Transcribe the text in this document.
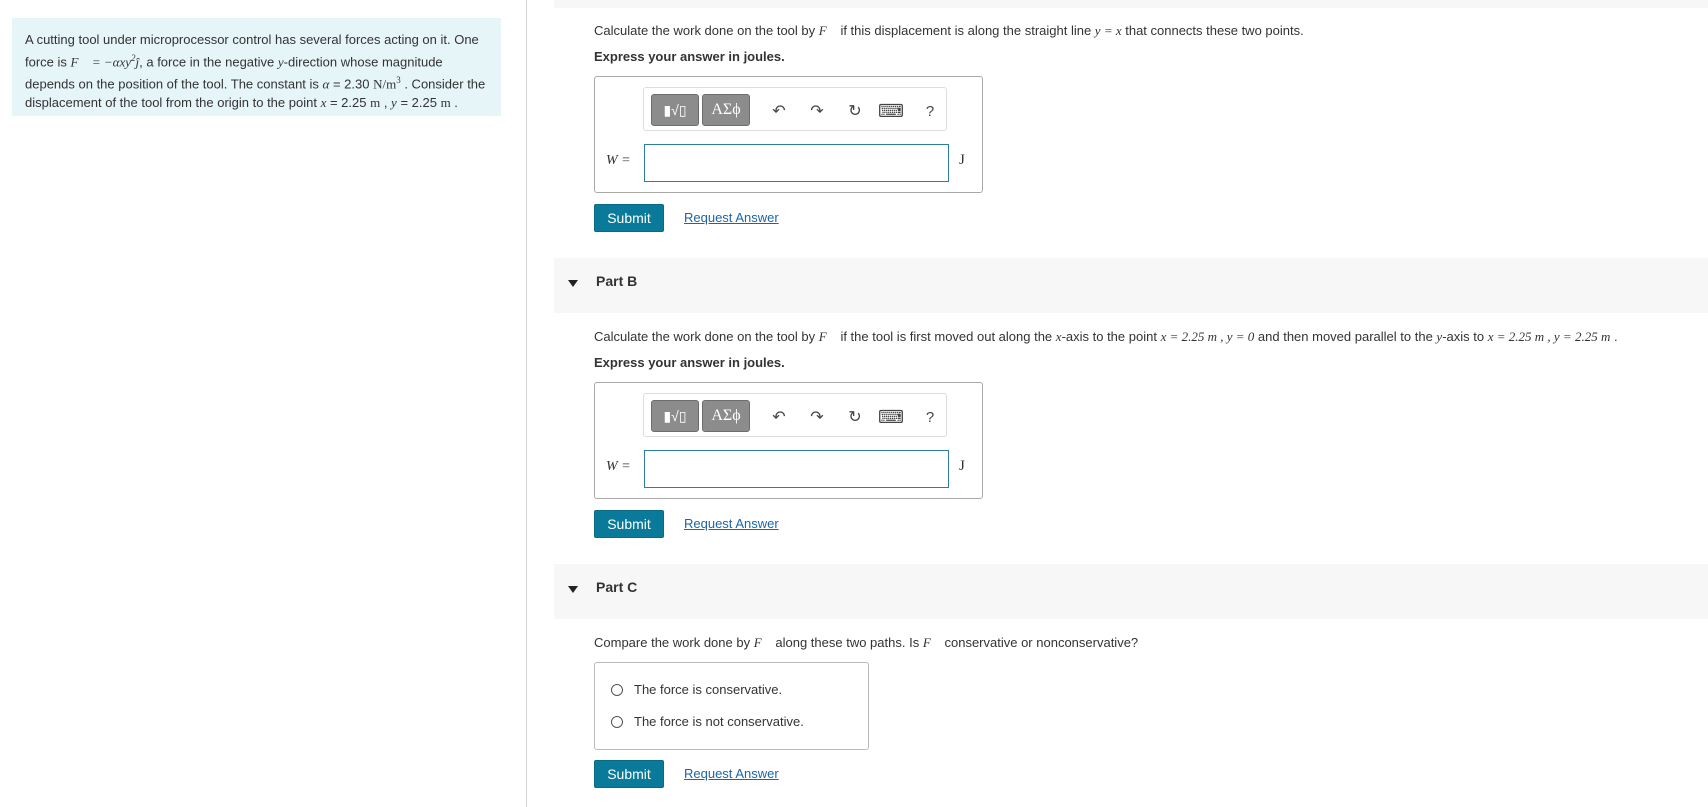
A cutting tool under microprocessor control has several forces acting on it. One
force is F = −αxy$^2$j, a force in the negative y-direction whose magnitude
depends on the position of the tool. The constant is α = 2.30 $N/m^3$ . Consider the
displacement of the tool from the origin to the point x = 2.25 m , y = 2.25 m .
Calculate the work done on the tool by F if this displacement is along the straight line y = x that connects these two points.
Express your answer in joules.
▮√▯	ΑΣϕ	↶	↷	↻ ⌨	?
W =	J
Submit	Request Answer
Part B
Calculate the work done on the tool by F if the tool is first moved out along the x-axis to the point x = 2.25 m , y = 0 and then moved parallel to the y-axis to x = 2.25 m , y = 2.25 m .
Express your answer in joules.
▮√▯	ΑΣϕ	↶	↷	↻ ⌨	?
W =	J
Submit	Request Answer
Part C
Compare the work done by F along these two paths. Is F conservative or nonconservative?
The force is conservative.
The force is not conservative.
Submit	Request Answer
